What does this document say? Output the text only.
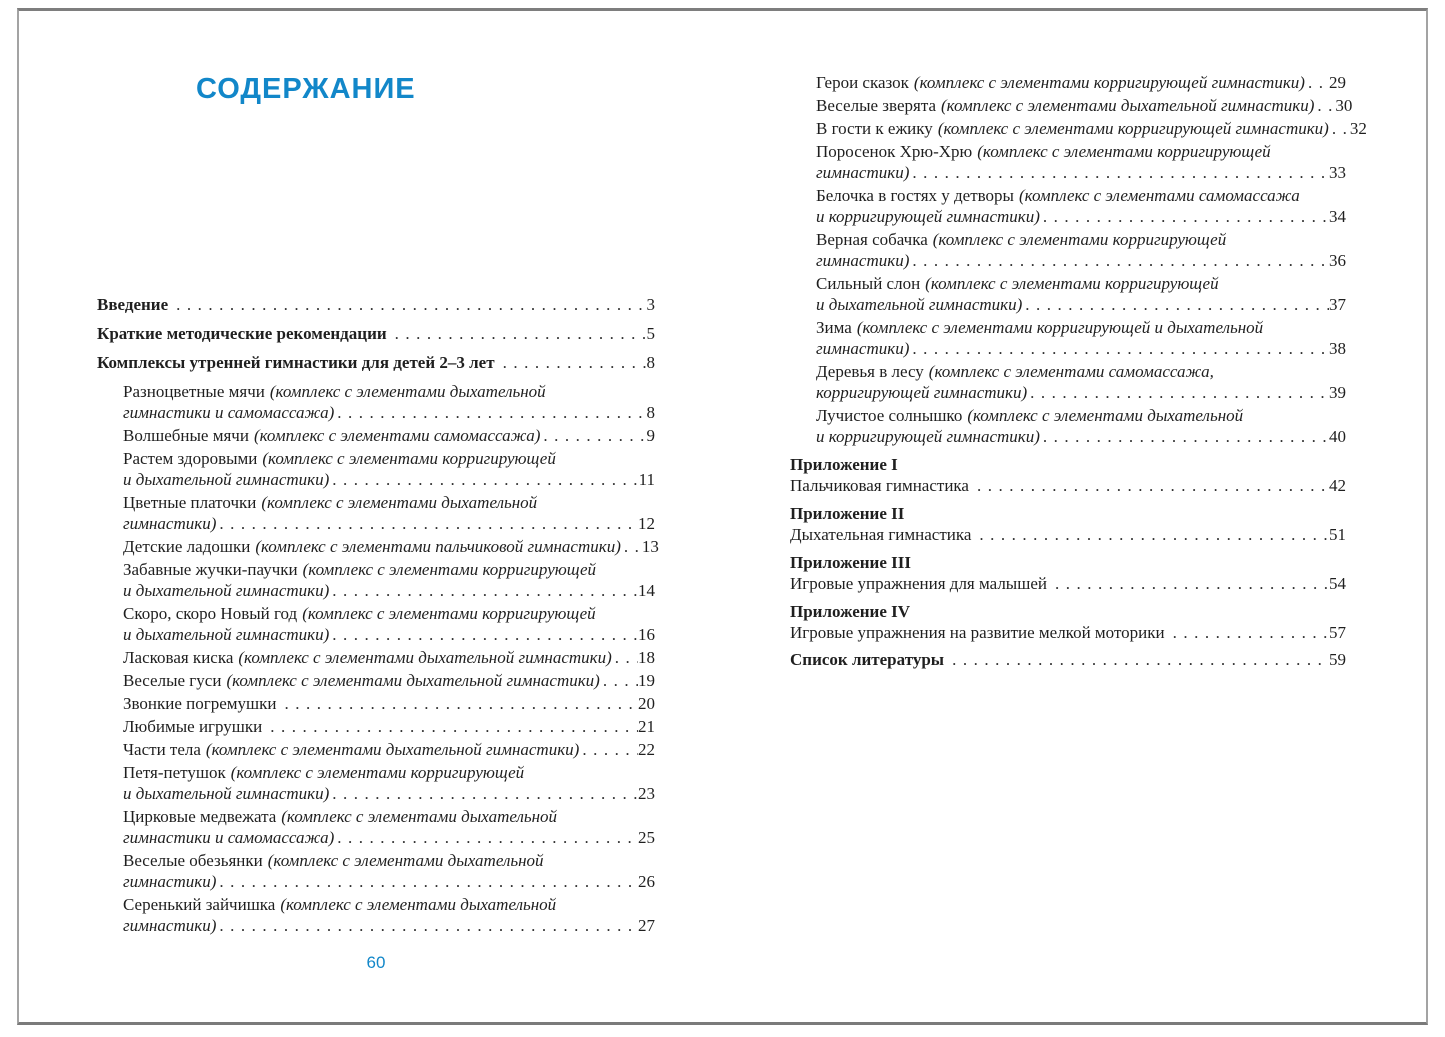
СОДЕРЖАНИЕ
Введение .....	3
Краткие методические рекомендации .....	5
Комплексы утренней гимнастики для детей 2–3 лет .....	8
Разноцветные мячи (комплекс с элементами дыхательной
гимнастики и самомассажа) .....	8
Волшебные мячи (комплекс с элементами самомассажа) .....	9
Растем здоровыми (комплекс с элементами корригирующей
и дыхательной гимнастики) .....	11
Цветные платочки (комплекс с элементами дыхательной
гимнастики) .....	12
Детские ладошки (комплекс с элементами пальчиковой гимнастики) ..... 13
Забавные жучки-паучки (комплекс с элементами корригирующей
и дыхательной гимнастики) .....	14
Скоро, скоро Новый год (комплекс с элементами корригирующей
и дыхательной гимнастики) .....	16
Ласковая киска (комплекс с элементами дыхательной гимнастики) ..... 18
Веселые гуси (комплекс с элементами дыхательной гимнастики) ..... 19
Звонкие погремушки .....	20
Любимые игрушки .....	21
Части тела (комплекс с элементами дыхательной гимнастики) .....	22
Петя-петушок (комплекс с элементами корригирующей
и дыхательной гимнастики) .....	23
Цирковые медвежата (комплекс с элементами дыхательной
гимнастики и самомассажа) .....	25
Веселые обезьянки (комплекс с элементами дыхательной
гимнастики) .....	26
Серенький зайчишка (комплекс с элементами дыхательной
гимнастики) .....	27
Герои сказок (комплекс с элементами корригирующей гимнастики) ..... 29
Веселые зверята (комплекс с элементами дыхательной гимнастики) ..... 30
В гости к ежику (комплекс с элементами корригирующей гимнастики) ..... 32
Поросенок Хрю-Хрю (комплекс с элементами корригирующей
гимнастики) .....	33
Белочка в гостях у детворы (комплекс с элементами самомассажа
и корригирующей гимнастики) .....	34
Верная собачка (комплекс с элементами корригирующей
гимнастики) .....	36
Сильный слон (комплекс с элементами корригирующей
и дыхательной гимнастики) .....	37
Зима (комплекс с элементами корригирующей и дыхательной
гимнастики) .....	38
Деревья в лесу (комплекс с элементами самомассажа,
корригирующей гимнастики) .....	39
Лучистое солнышко (комплекс с элементами дыхательной
и корригирующей гимнастики) .....	40
Приложение I
Пальчиковая гимнастика .....	42
Приложение II
Дыхательная гимнастика .....	51
Приложение III
Игровые упражнения для малышей .....	54
Приложение IV
Игровые упражнения на развитие мелкой моторики .....	57
Список литературы .....	59
60
